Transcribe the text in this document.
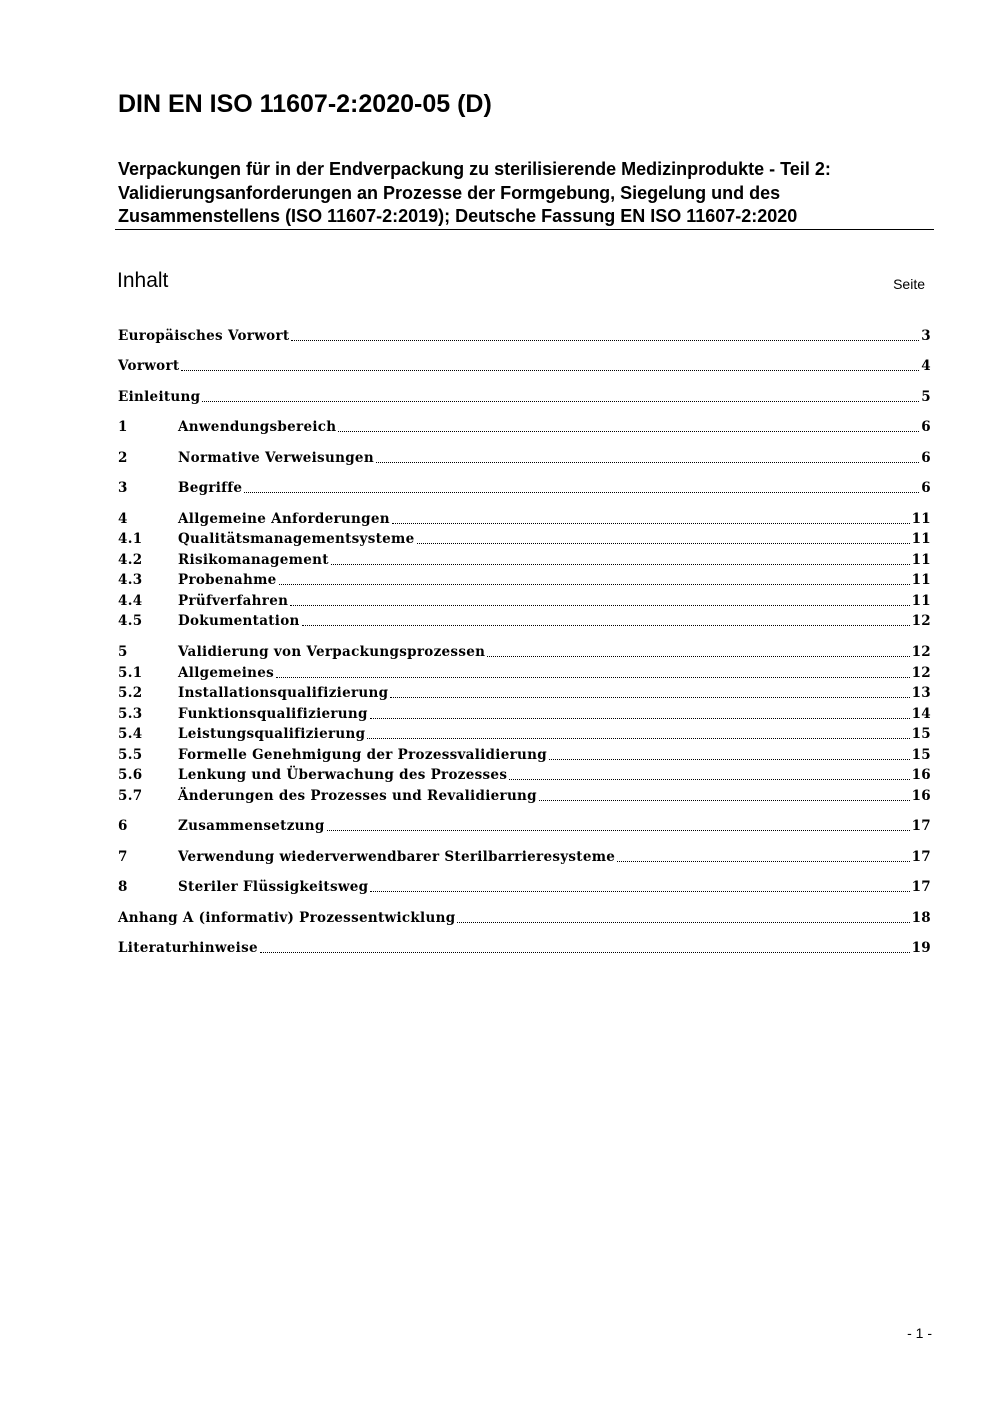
DIN EN ISO 11607-2:2020-05 (D)
Verpackungen für in der Endverpackung zu sterilisierende Medizinprodukte - Teil 2:
Validierungsanforderungen an Prozesse der Formgebung, Siegelung und des
Zusammenstellens (ISO 11607-2:2019); Deutsche Fassung EN ISO 11607-2:2020
Inhalt	Seite
Europäisches Vorwort	3
Vorwort	4
Einleitung	5
1	Anwendungsbereich	6
2	Normative Verweisungen	6
3	Begriffe	6
4	Allgemeine Anforderungen	11
4.1	Qualitätsmanagementsysteme	11
4.2	Risikomanagement	11
4.3	Probenahme	11
4.4	Prüfverfahren	11
4.5	Dokumentation	12
5	Validierung von Verpackungsprozessen	12
5.1	Allgemeines	12
5.2	Installationsqualifizierung	13
5.3	Funktionsqualifizierung	14
5.4	Leistungsqualifizierung	15
5.5	Formelle Genehmigung der Prozessvalidierung	15
5.6	Lenkung und Überwachung des Prozesses	16
5.7	Änderungen des Prozesses und Revalidierung	16
6	Zusammensetzung	17
7	Verwendung wiederverwendbarer Sterilbarrieresysteme	17
8	Steriler Flüssigkeitsweg	17
Anhang A (informativ) Prozessentwicklung	18
Literaturhinweise	19
- 1 -
